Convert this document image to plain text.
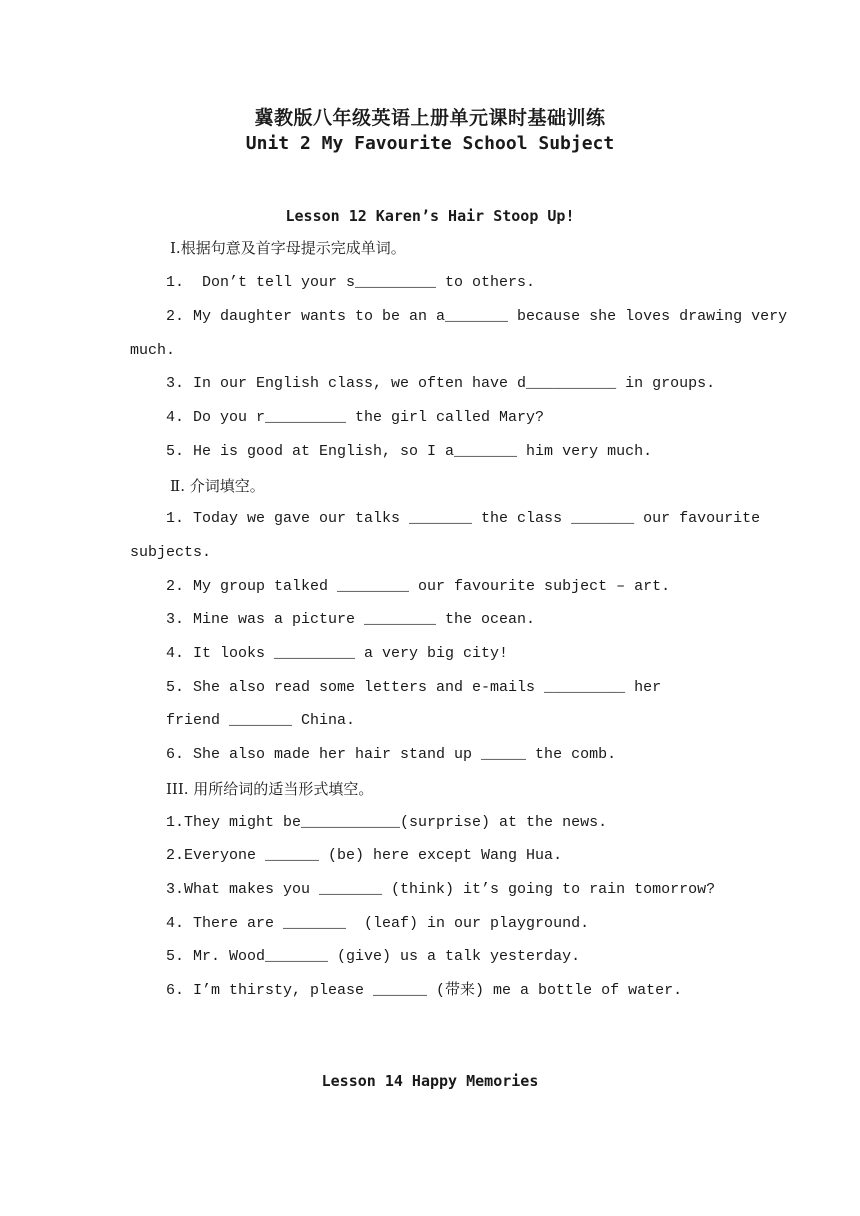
冀教版八年级英语上册单元课时基础训练
Unit 2 My Favourite School Subject
Lesson 12 Karen’s Hair Stoop Up!
Ⅰ.根据句意及首字母提示完成单词。
1.  Don’t tell your s_________ to others.
2. My daughter wants to be an a_______ because she loves drawing very
much.
3. In our English class, we often have d__________ in groups.
4. Do you r_________ the girl called Mary?
5. He is good at English, so I a_______ him very much.
Ⅱ. 介词填空。
1. Today we gave our talks _______ the class _______ our favourite
subjects.
2. My group talked ________ our favourite subject – art.
3. Mine was a picture ________ the ocean.
4. It looks _________ a very big city!
5. She also read some letters and e-mails _________ her
friend _______ China.
6. She also made her hair stand up _____ the comb.
III. 用所给词的适当形式填空。
1.They might be___________(surprise) at the news.
2.Everyone ______ (be) here except Wang Hua.
3.What makes you _______ (think) it’s going to rain tomorrow?
4. There are _______  (leaf) in our playground.
5. Mr. Wood_______ (give) us a talk yesterday.
6. I’m thirsty, please ______ (带来) me a bottle of water.
Lesson 14 Happy Memories
